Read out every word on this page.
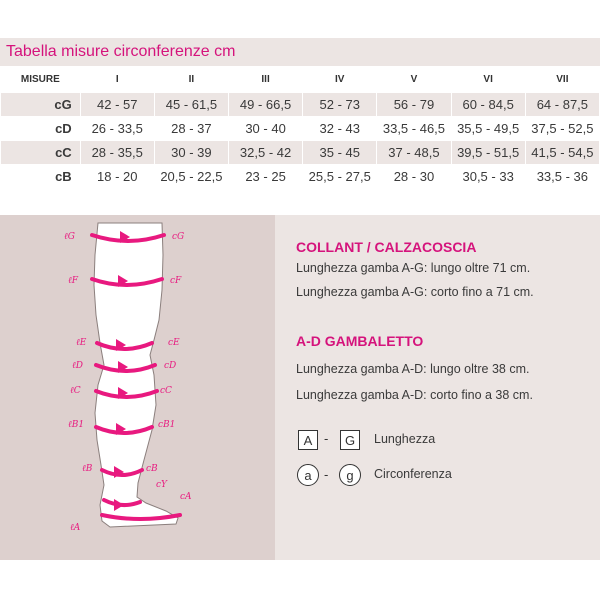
Tabella misure circonferenze cm
MISURE	I	II	III	IV	V	VI	VII
cG	42 - 57	45 - 61,5	49 - 66,5	52 - 73	56 - 79	60 - 84,5	64 - 87,5
cD	26 - 33,5	28 - 37	30 - 40	32 - 43	33,5 - 46,5	35,5 - 49,5	37,5 - 52,5
cC	28 - 35,5	30 - 39	32,5 - 42	35 - 45	37 - 48,5	39,5 - 51,5	41,5 - 54,5
cB	18 - 20	20,5 - 22,5	23 - 25	25,5 - 27,5	28 - 30	30,5 - 33	33,5 - 36
ℓG
ℓF
ℓE
ℓD
ℓC
ℓB1
ℓB
ℓA
cG
cF
cE
cD
cC
cB1
cB
cY
cA
COLLANT / CALZACOSCIA
Lunghezza gamba A-G: lungo oltre 71 cm.
Lunghezza gamba A-G: corto fino a 71 cm.
A-D GAMBALETTO
Lunghezza gamba A-D: lungo oltre 38 cm.
Lunghezza gamba A-D: corto fino a 38 cm.
A -	G	Lunghezza
a -	g	Circonferenza
